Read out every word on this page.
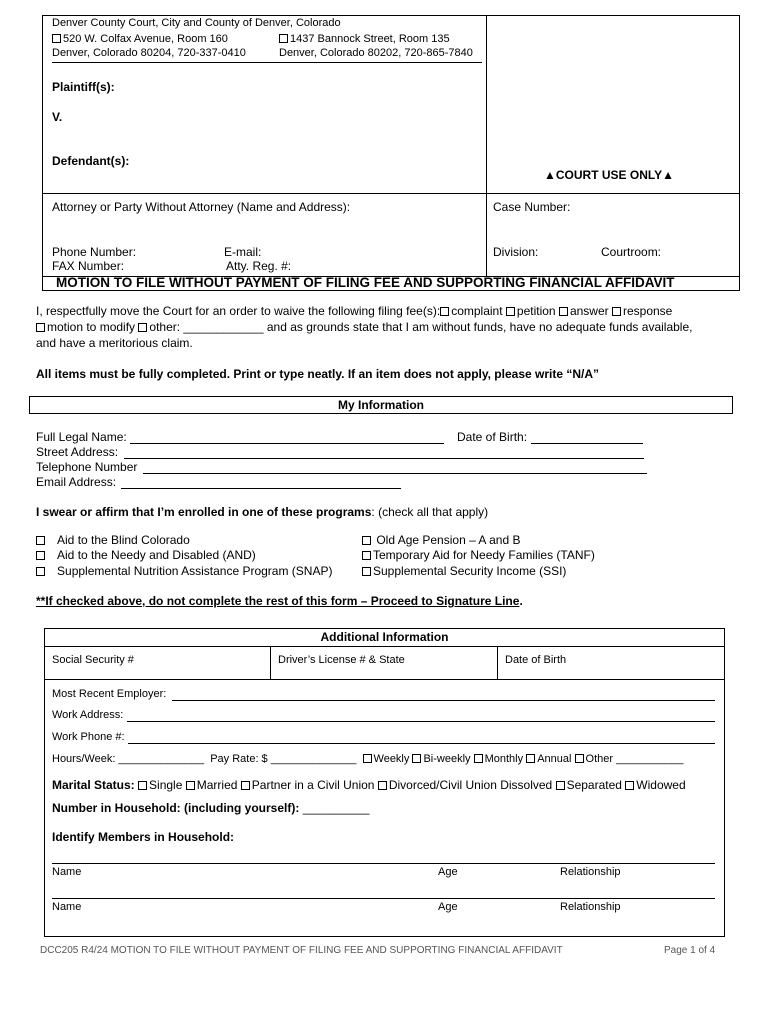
Denver County Court, City and County of Denver, Colorado
520 W. Colfax Avenue, Room 160
Denver, Colorado 80204, 720-337-0410
1437 Bannock Street, Room 135
Denver, Colorado 80202, 720-865-7840
Plaintiff(s):
V.
Defendant(s):
▲COURT USE ONLY▲
Attorney or Party Without Attorney (Name and Address):	Case Number:
Phone Number:	E-mail:
FAX Number:	Atty. Reg. #:
Division:	Courtroom:
MOTION TO FILE WITHOUT PAYMENT OF FILING FEE AND SUPPORTING FINANCIAL AFFIDAVIT
I, respectfully move the Court for an order to waive the following filing fee(s): complaint petition answer response
motion to modify other: ____________ and as grounds state that I am without funds, have no adequate funds available,
and have a meritorious claim.
All items must be fully completed. Print or type neatly. If an item does not apply, please write “N/A”
My Information
Full Legal Name:	Date of Birth:
Street Address:
Telephone Number
Email Address:
I swear or affirm that I’m enrolled in one of these programs: (check all that apply)
Aid to the Blind Colorado
Aid to the Needy and Disabled (AND)
Supplemental Nutrition Assistance Program (SNAP)
Old Age Pension – A and B
Temporary Aid for Needy Families (TANF)
Supplemental Security Income (SSI)
**If checked above, do not complete the rest of this form – Proceed to Signature Line.
Additional Information
Social Security #	Driver’s License # & State	Date of Birth
Most Recent Employer:
Work Address:
Work Phone #:
Hours/Week: ______________ Pay Rate: $ ______________ Weekly Bi-weekly Monthly Annual Other ___________
Marital Status: Single Married Partner in a Civil Union Divorced/Civil Union Dissolved Separated Widowed
Number in Household: (including yourself): __________
Identify Members in Household:
Name	Age	Relationship
Name	Age	Relationship
DCC205 R4/24 MOTION TO FILE WITHOUT PAYMENT OF FILING FEE AND SUPPORTING FINANCIAL AFFIDAVIT	Page 1 of 4
